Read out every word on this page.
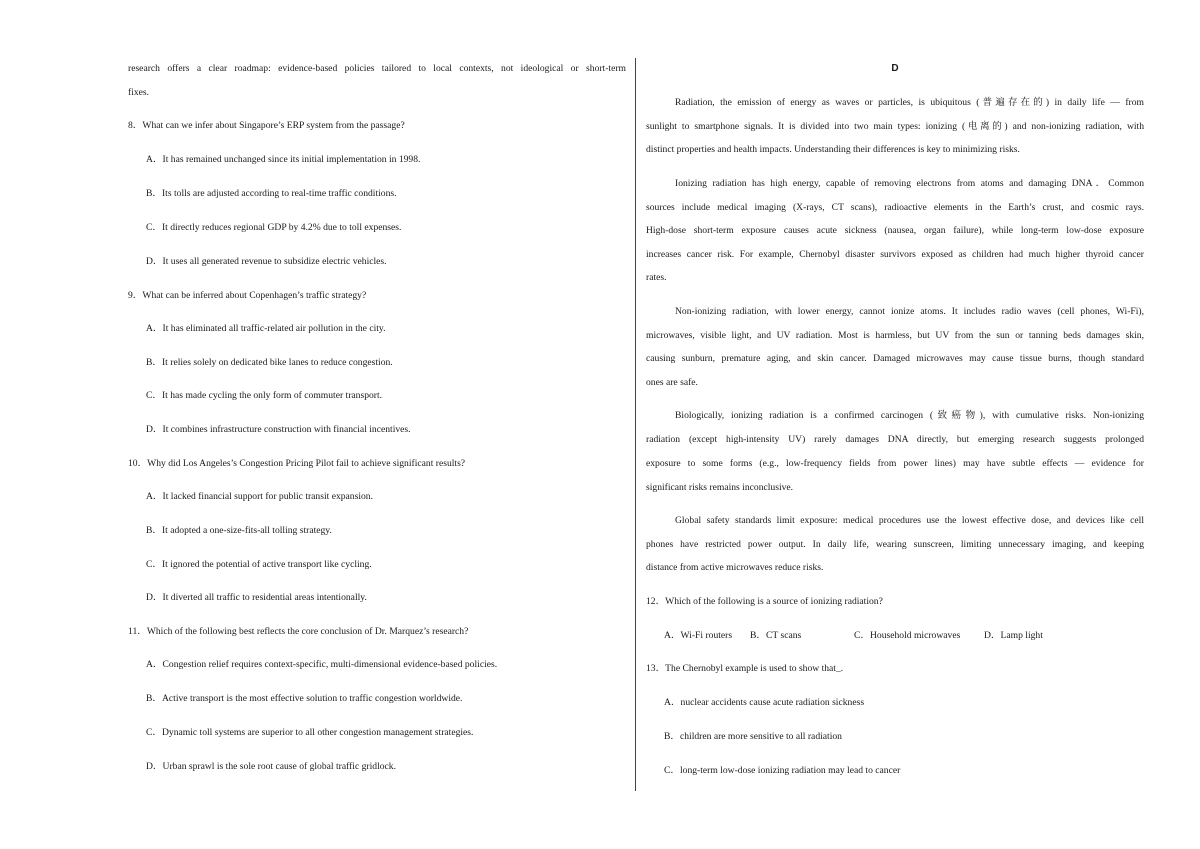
research offers a clear roadmap: evidence-based policies tailored to local contexts, not ideological or short-term
fixes.
8．What can we infer about Singapore’s ERP system from the passage?
A．It has remained unchanged since its initial implementation in 1998.
B．Its tolls are adjusted according to real-time traffic conditions.
C．It directly reduces regional GDP by 4.2% due to toll expenses.
D．It uses all generated revenue to subsidize electric vehicles.
9．What can be inferred about Copenhagen’s traffic strategy?
A．It has eliminated all traffic-related air pollution in the city.
B．It relies solely on dedicated bike lanes to reduce congestion.
C．It has made cycling the only form of commuter transport.
D．It combines infrastructure construction with financial incentives.
10．Why did Los Angeles’s Congestion Pricing Pilot fail to achieve significant results?
A．It lacked financial support for public transit expansion.
B．It adopted a one-size-fits-all tolling strategy.
C．It ignored the potential of active transport like cycling.
D．It diverted all traffic to residential areas intentionally.
11．Which of the following best reflects the core conclusion of Dr. Marquez’s research?
A．Congestion relief requires context-specific, multi-dimensional evidence-based policies.
B．Active transport is the most effective solution to traffic congestion worldwide.
C．Dynamic toll systems are superior to all other congestion management strategies.
D．Urban sprawl is the sole root cause of global traffic gridlock.
D
Radiation, the emission of energy as waves or particles, is ubiquitous (普遍存在的) in daily life — from
sunlight to smartphone signals. It is divided into two main types: ionizing (电离的) and non-ionizing radiation, with
distinct properties and health impacts. Understanding their differences is key to minimizing risks.
Ionizing radiation has high energy, capable of removing electrons from atoms and damaging DNA．Common
sources include medical imaging (X-rays, CT scans), radioactive elements in the Earth’s crust, and cosmic rays.
High-dose short-term exposure causes acute sickness (nausea, organ failure), while long-term low-dose exposure
increases cancer risk. For example, Chernobyl disaster survivors exposed as children had much higher thyroid cancer
rates.
Non-ionizing radiation, with lower energy, cannot ionize atoms. It includes radio waves (cell phones, Wi-Fi),
microwaves, visible light, and UV radiation. Most is harmless, but UV from the sun or tanning beds damages skin,
causing sunburn, premature aging, and skin cancer. Damaged microwaves may cause tissue burns, though standard
ones are safe.
Biologically, ionizing radiation is a confirmed carcinogen (致癌物), with cumulative risks. Non-ionizing
radiation (except high-intensity UV) rarely damages DNA directly, but emerging research suggests prolonged
exposure to some forms (e.g., low-frequency fields from power lines) may have subtle effects — evidence for
significant risks remains inconclusive.
Global safety standards limit exposure: medical procedures use the lowest effective dose, and devices like cell
phones have restricted power output. In daily life, wearing sunscreen, limiting unnecessary imaging, and keeping
distance from active microwaves reduce risks.
12．Which of the following is a source of ionizing radiation?
A．Wi-Fi routers B．CT scans	C．Household microwaves D．Lamp light
13．The Chernobyl example is used to show that_.
A．nuclear accidents cause acute radiation sickness
B．children are more sensitive to all radiation
C．long-term low-dose ionizing radiation may lead to cancer
